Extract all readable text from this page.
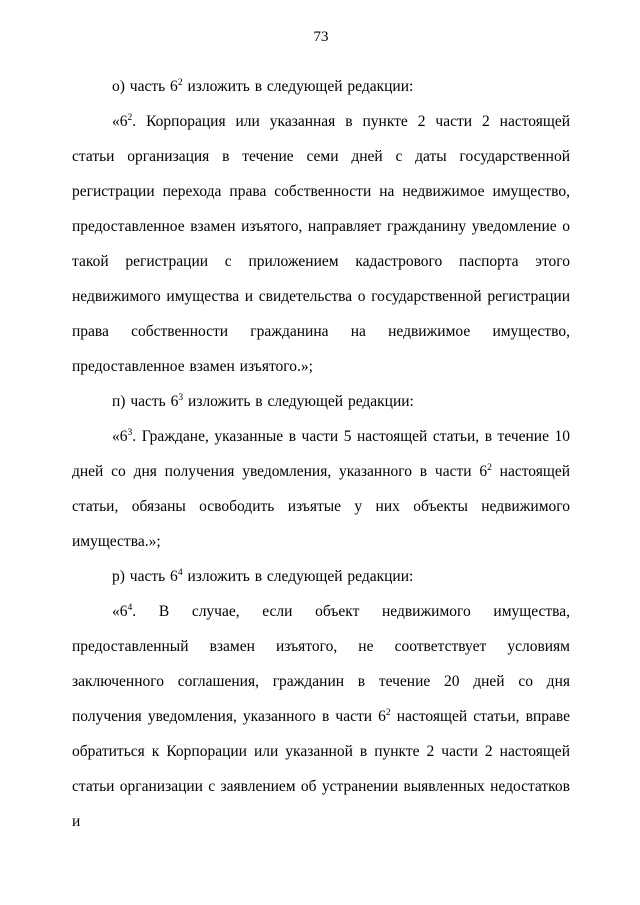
73

о) часть $6^2$ изложить в следующей редакции:

«$6^2$. Корпорация или указанная в пункте 2 части 2 настоящей статьи организация в течение семи дней с даты государственной регистрации перехода права собственности на недвижимое имущество, предоставленное взамен изъятого, направляет гражданину уведомление о такой регистрации с приложением кадастрового паспорта этого недвижимого имущества и свидетельства о государственной регистрации права собственности гражданина на недвижимое имущество, предоставленное взамен изъятого.»;

п) часть $6^3$ изложить в следующей редакции:

«$6^3$. Граждане, указанные в части 5 настоящей статьи, в течение 10 дней со дня получения уведомления, указанного в части $6^2$ настоящей статьи, обязаны освободить изъятые у них объекты недвижимого имущества.»;

р) часть $6^4$ изложить в следующей редакции:

«$6^4$. В случае, если объект недвижимого имущества, предоставленный взамен изъятого, не соответствует условиям заключенного соглашения, гражданин в течение 20 дней со дня получения уведомления, указанного в части $6^2$ настоящей статьи, вправе обратиться к Корпорации или указанной в пункте 2 части 2 настоящей статьи организации с заявлением об устранении выявленных недостатков и
